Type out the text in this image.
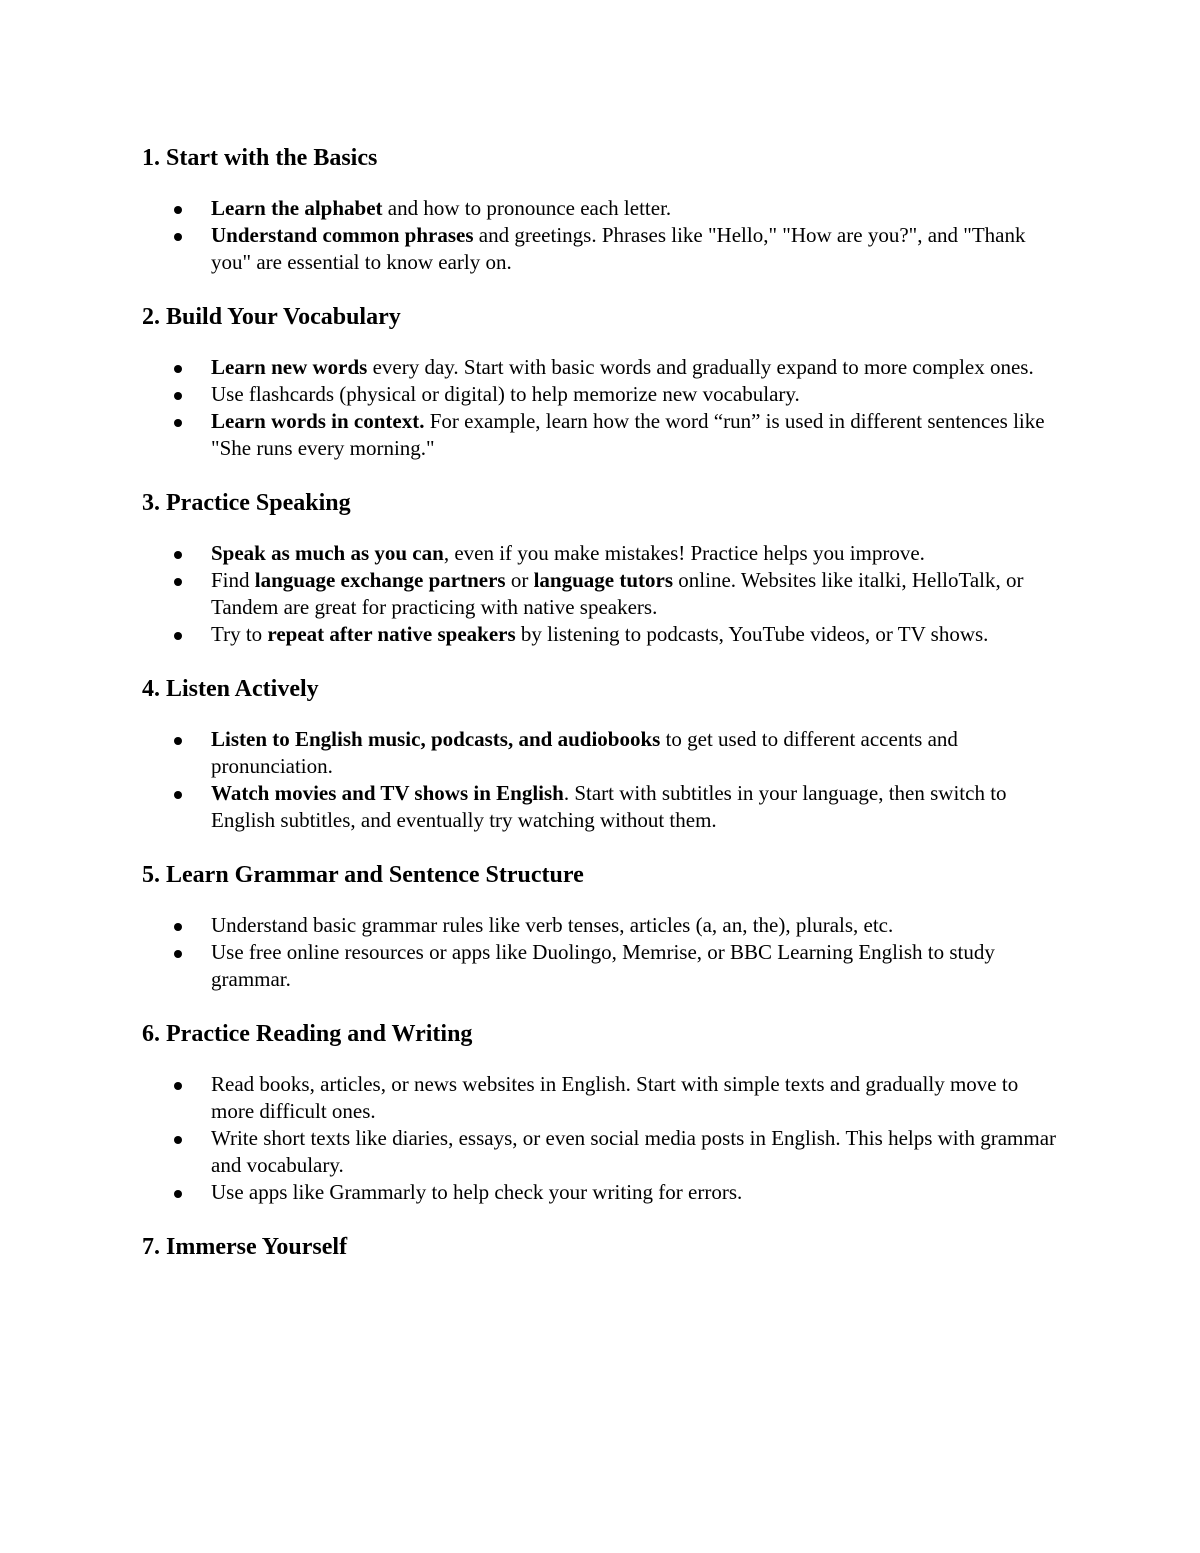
1. Start with the Basics
Learn the alphabet and how to pronounce each letter.
Understand common phrases and greetings. Phrases like "Hello," "How are you?", and "Thank you" are essential to know early on.
2. Build Your Vocabulary
Learn new words every day. Start with basic words and gradually expand to more complex ones.
Use flashcards (physical or digital) to help memorize new vocabulary.
Learn words in context. For example, learn how the word “run” is used in different sentences like "She runs every morning."
3. Practice Speaking
Speak as much as you can, even if you make mistakes! Practice helps you improve.
Find language exchange partners or language tutors online. Websites like italki, HelloTalk, or Tandem are great for practicing with native speakers.
Try to repeat after native speakers by listening to podcasts, YouTube videos, or TV shows.
4. Listen Actively
Listen to English music, podcasts, and audiobooks to get used to different accents and pronunciation.
Watch movies and TV shows in English. Start with subtitles in your language, then switch to English subtitles, and eventually try watching without them.
5. Learn Grammar and Sentence Structure
Understand basic grammar rules like verb tenses, articles (a, an, the), plurals, etc.
Use free online resources or apps like Duolingo, Memrise, or BBC Learning English to study grammar.
6. Practice Reading and Writing
Read books, articles, or news websites in English. Start with simple texts and gradually move to more difficult ones.
Write short texts like diaries, essays, or even social media posts in English. This helps with grammar and vocabulary.
Use apps like Grammarly to help check your writing for errors.
7. Immerse Yourself
